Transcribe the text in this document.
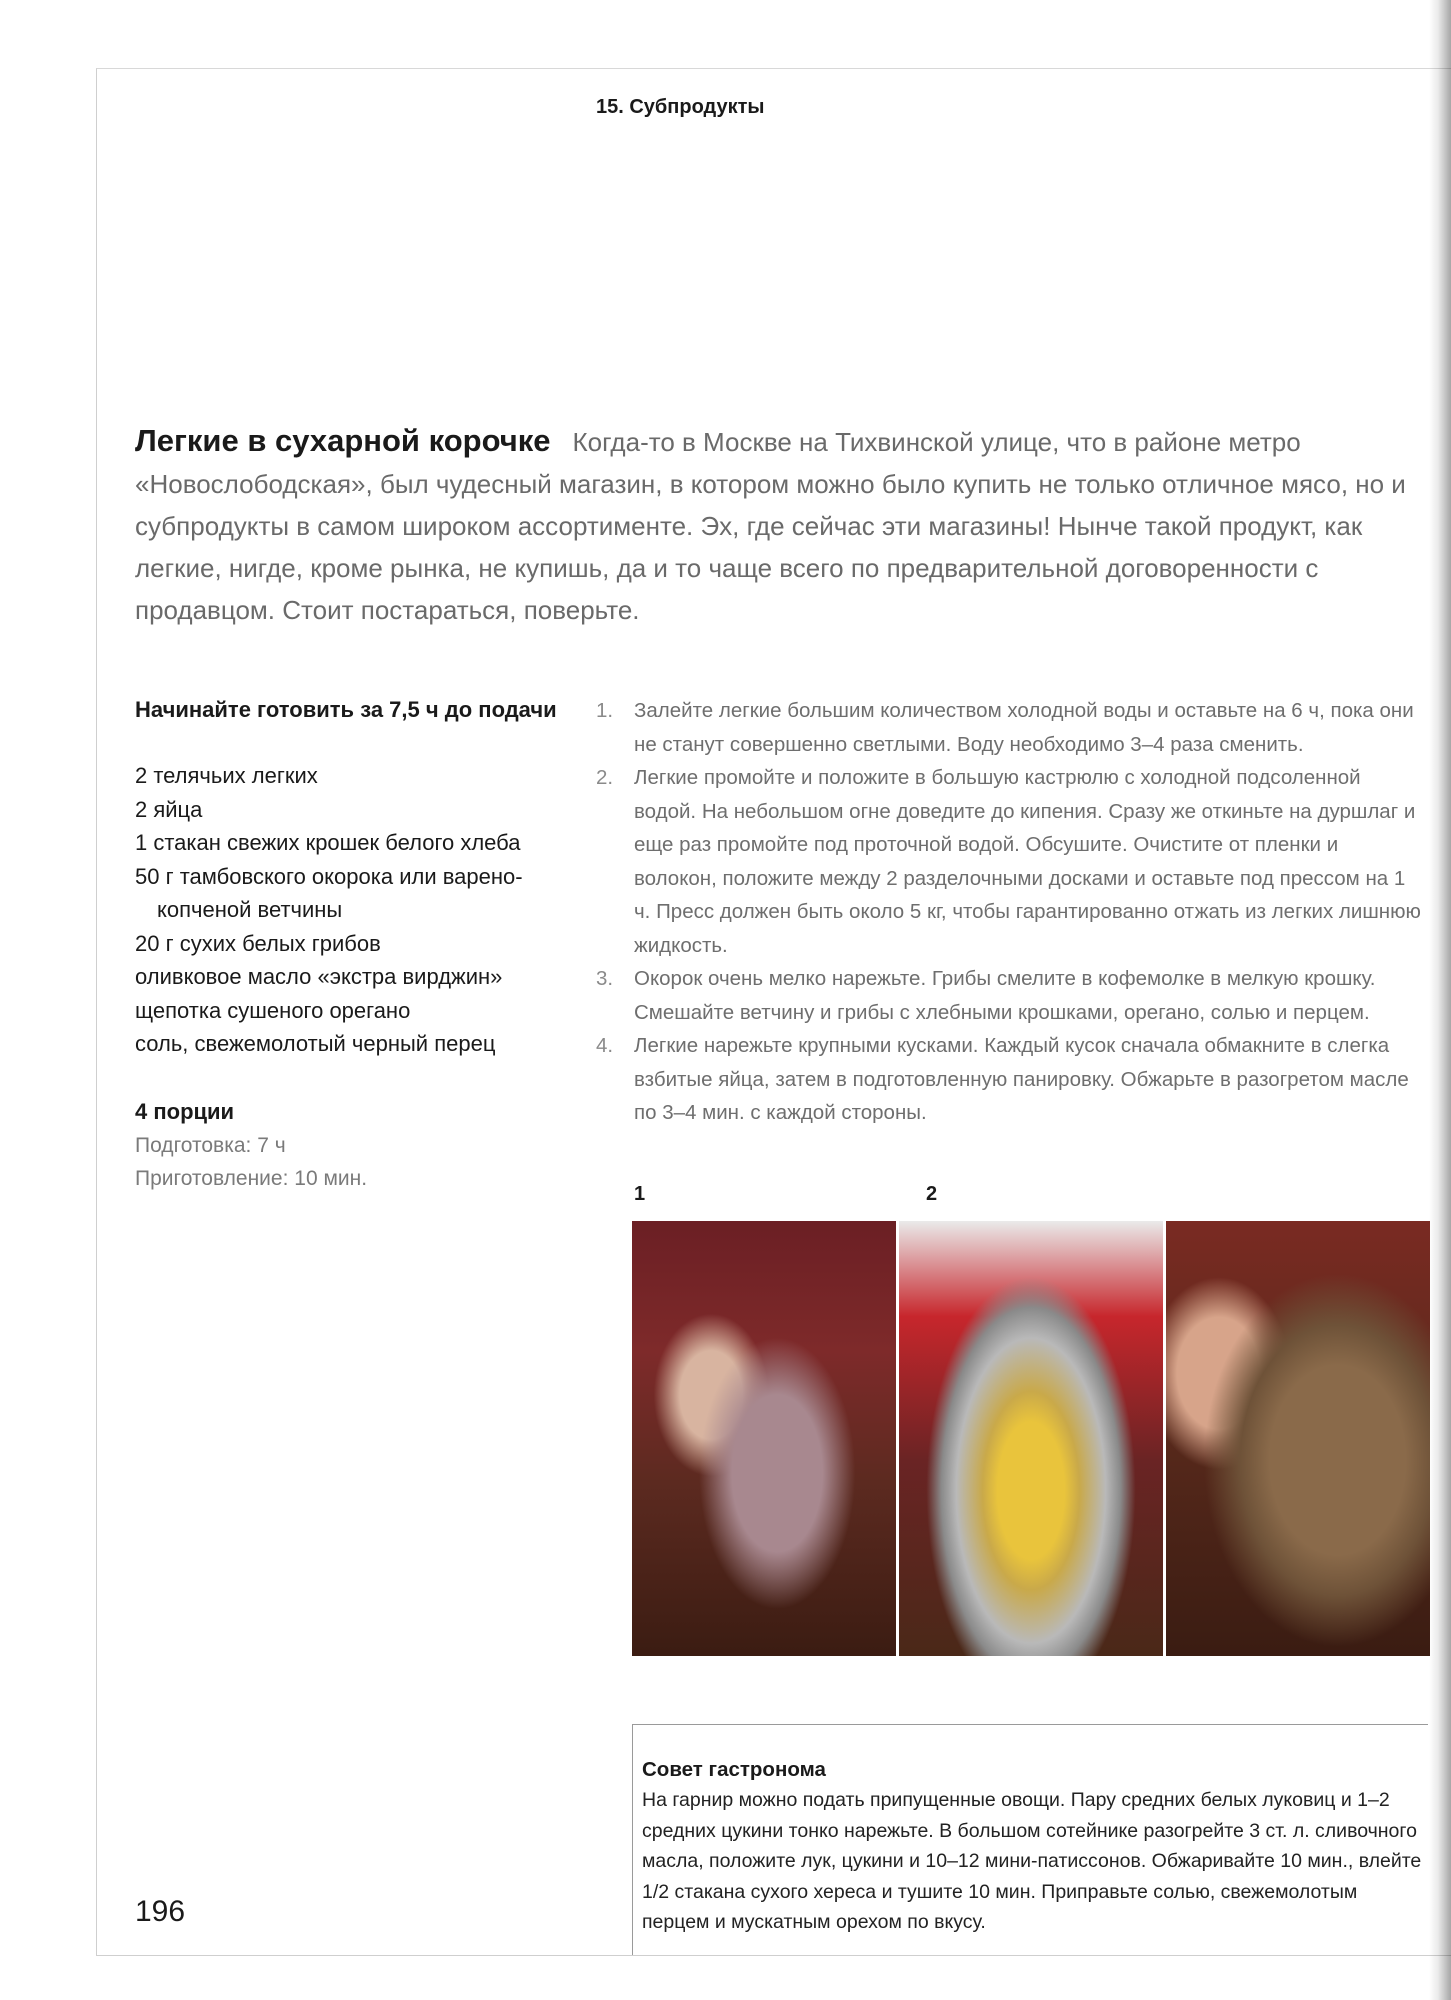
15. Субпродукты
Легкие в сухарной корочке Когда-то в Москве на Тихвинской улице, что в районе метро «Новослободская», был чудесный магазин, в котором можно было купить не только отличное мясо, но и субпродукты в самом широком ассортименте. Эх, где сейчас эти магазины! Нынче такой продукт, как легкие, нигде, кроме рынка, не купишь, да и то чаще всего по предварительной договоренности с продавцом. Стоит постараться, поверьте.
Начинайте готовить за 7,5 ч до подачи
2 телячьих легких
2 яйца
1 стакан свежих крошек белого хлеба
50 г тамбовского окорока или варено-копченой ветчины
20 г сухих белых грибов
оливковое масло «экстра вирджин»
щепотка сушеного орегано
соль, свежемолотый черный перец
4 порции
Подготовка: 7 ч
Приготовление: 10 мин.
1. Залейте легкие большим количеством холодной воды и оставьте на 6 ч, пока они не станут совершенно светлыми. Воду необходимо 3–4 раза сменить.
2. Легкие промойте и положите в большую кастрюлю с холодной подсоленной водой. На небольшом огне доведите до кипения. Сразу же откиньте на дуршлаг и еще раз промойте под проточной водой. Обсушите. Очистите от пленки и волокон, положите между 2 разделочными досками и оставьте под прессом на 1 ч. Пресс должен быть около 5 кг, чтобы гарантированно отжать из легких лишнюю жидкость.
3. Окорок очень мелко нарежьте. Грибы смелите в кофемолке в мелкую крошку. Смешайте ветчину и грибы с хлебными крошками, орегано, солью и перцем.
4. Легкие нарежьте крупными кусками. Каждый кусок сначала обмакните в слегка взбитые яйца, затем в подготовленную панировку. Обжарьте в разогретом масле по 3–4 мин. с каждой стороны.
1	2
Совет гастронома
На гарнир можно подать припущенные овощи. Пару средних белых луковиц и 1–2 средних цукини тонко нарежьте. В большом сотейнике разогрейте 3 ст. л. сливочного масла, положите лук, цукини и 10–12 мини-патиссонов. Обжаривайте 10 мин., влейте 1/2 стакана сухого хереса и тушите 10 мин. Приправьте солью, свежемолотым перцем и мускатным орехом по вкусу.
196
